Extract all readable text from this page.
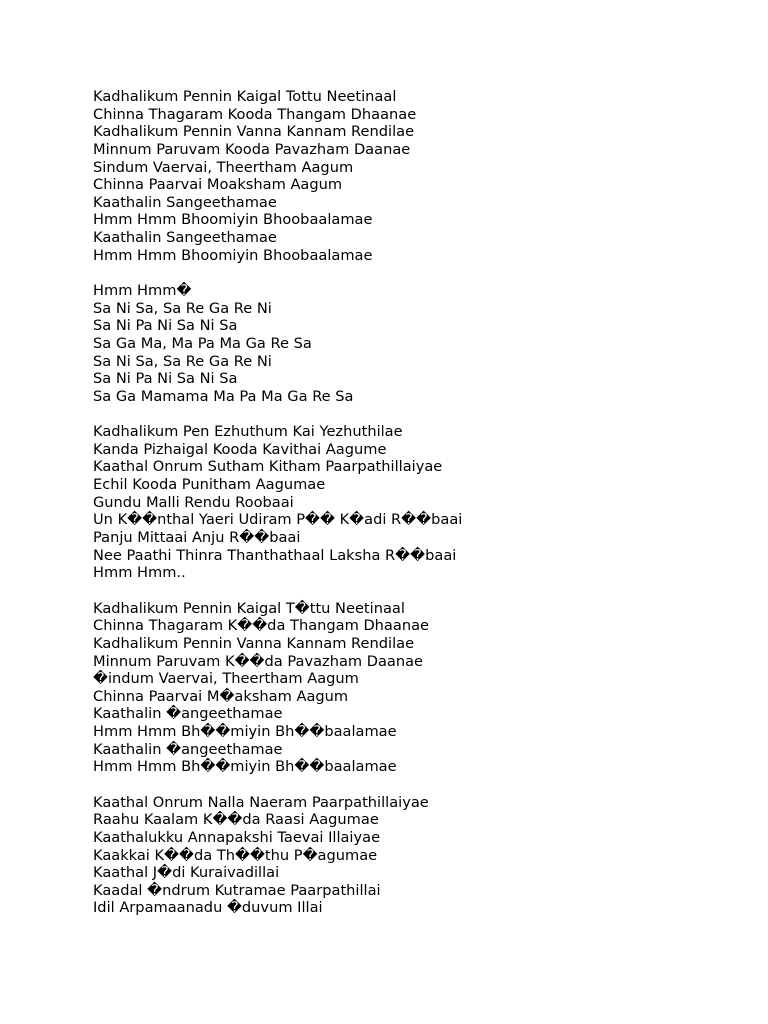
Kadhalikum Pennin Kaigal Tottu Neetinaal
Chinna Thagaram Kooda Thangam Dhaanae
Kadhalikum Pennin Vanna Kannam Rendilae
Minnum Paruvam Kooda Pavazham Daanae
Sindum Vaervai, Theertham Aagum
Chinna Paarvai Moaksham Aagum
Kaathalin Sangeethamae
Hmm Hmm Bhoomiyin Bhoobaalamae
Kaathalin Sangeethamae
Hmm Hmm Bhoomiyin Bhoobaalamae
Hmm Hmm�
Sa Ni Sa, Sa Re Ga Re Ni
Sa Ni Pa Ni Sa Ni Sa
Sa Ga Ma, Ma Pa Ma Ga Re Sa
Sa Ni Sa, Sa Re Ga Re Ni
Sa Ni Pa Ni Sa Ni Sa
Sa Ga Mamama Ma Pa Ma Ga Re Sa
Kadhalikum Pen Ezhuthum Kai Yezhuthilae
Kanda Pizhaigal Kooda Kavithai Aagume
Kaathal Onrum Sutham Kitham Paarpathillaiyae
Echil Kooda Punitham Aagumae
Gundu Malli Rendu Roobaai
Un K��nthal Yaeri Udiram P�� K�adi R��baai
Panju Mittaai Anju R��baai
Nee Paathi Thinra Thanthathaal Laksha R��baai
Hmm Hmm..
Kadhalikum Pennin Kaigal T�ttu Neetinaal
Chinna Thagaram K��da Thangam Dhaanae
Kadhalikum Pennin Vanna Kannam Rendilae
Minnum Paruvam K��da Pavazham Daanae
�indum Vaervai, Theertham Aagum
Chinna Paarvai M�aksham Aagum
Kaathalin �angeethamae
Hmm Hmm Bh��miyin Bh��baalamae
Kaathalin �angeethamae
Hmm Hmm Bh��miyin Bh��baalamae
Kaathal Onrum Nalla Naeram Paarpathillaiyae
Raahu Kaalam K��da Raasi Aagumae
Kaathalukku Annapakshi Taevai Illaiyae
Kaakkai K��da Th��thu P�agumae
Kaathal J�di Kuraivadillai
Kaadal �ndrum Kutramae Paarpathillai
Idil Arpamaanadu �duvum Illai
